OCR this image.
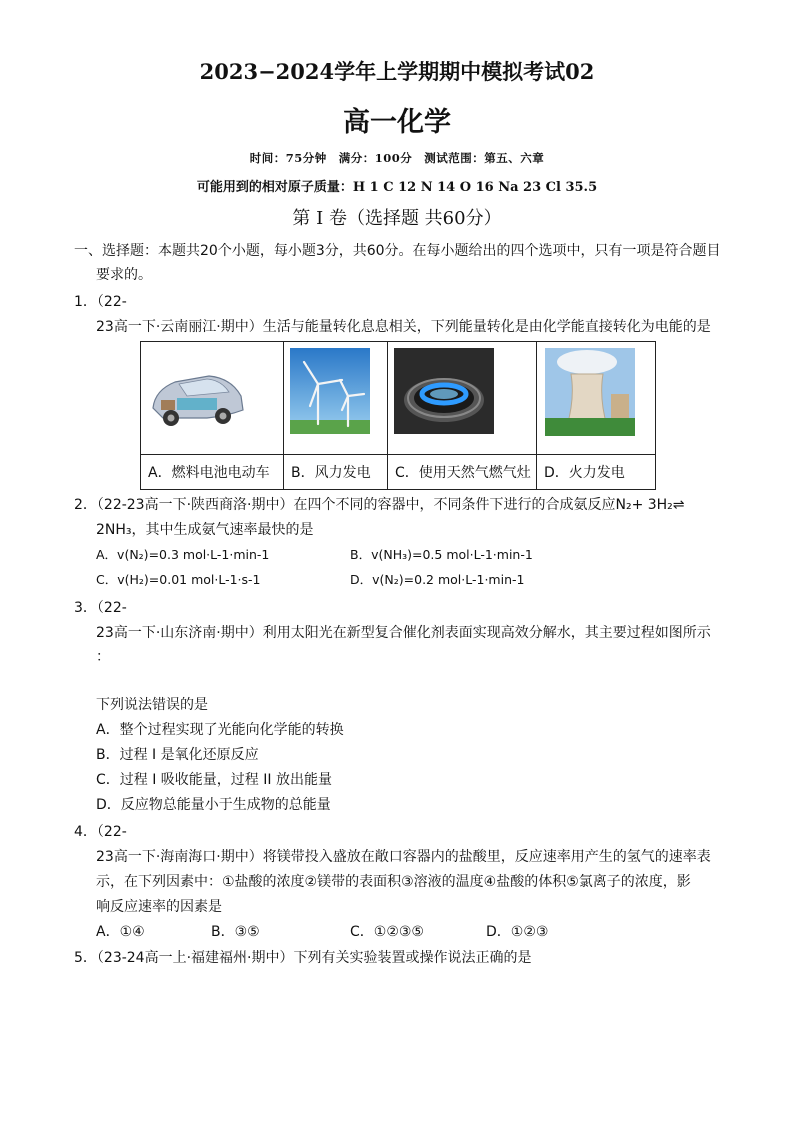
2023−2024学年上学期期中模拟考试02
高一化学
时间：75分钟　满分：100分　测试范围：第五、六章
可能用到的相对原子质量：H 1 C 12 N 14 O 16 Na 23 Cl 35.5
第 I 卷（选择题 共60分）
一、选择题：本题共20个小题，每小题3分，共60分。在每小题给出的四个选项中，只有一项是符合题目
要求的。
1．（22-
23高一下·云南丽江·期中）生活与能量转化息息相关，下列能量转化是由化学能直接转化为电能的是
A．燃料电池电动车	B．风力发电	C．使用天然气燃气灶 D．火力发电
2．（22-23高一下·陕西商洛·期中）在四个不同的容器中，不同条件下进行的合成氨反应N₂+ 3H₂⇌
2NH₃，其中生成氨气速率最快的是
A．v(N₂)=0.3 mol·L-1·min-1	B．v(NH₃)=0.5 mol·L-1·min-1
C．v(H₂)=0.01 mol·L-1·s-1	D．v(N₂)=0.2 mol·L-1·min-1
3．（22-
23高一下·山东济南·期中）利用太阳光在新型复合催化剂表面实现高效分解水，其主要过程如图所示
：
下列说法错误的是
A．整个过程实现了光能向化学能的转换
B．过程 I 是氧化还原反应
C．过程 I 吸收能量，过程 II 放出能量
D．反应物总能量小于生成物的总能量
4．（22-
23高一下·海南海口·期中）将镁带投入盛放在敞口容器内的盐酸里，反应速率用产生的氢气的速率表
示，在下列因素中：①盐酸的浓度②镁带的表面积③溶液的温度④盐酸的体积⑤氯离子的浓度，影
响反应速率的因素是
A．①④	B．③⑤	C．①②③⑤	D．①②③
5．（23-24高一上·福建福州·期中）下列有关实验装置或操作说法正确的是
